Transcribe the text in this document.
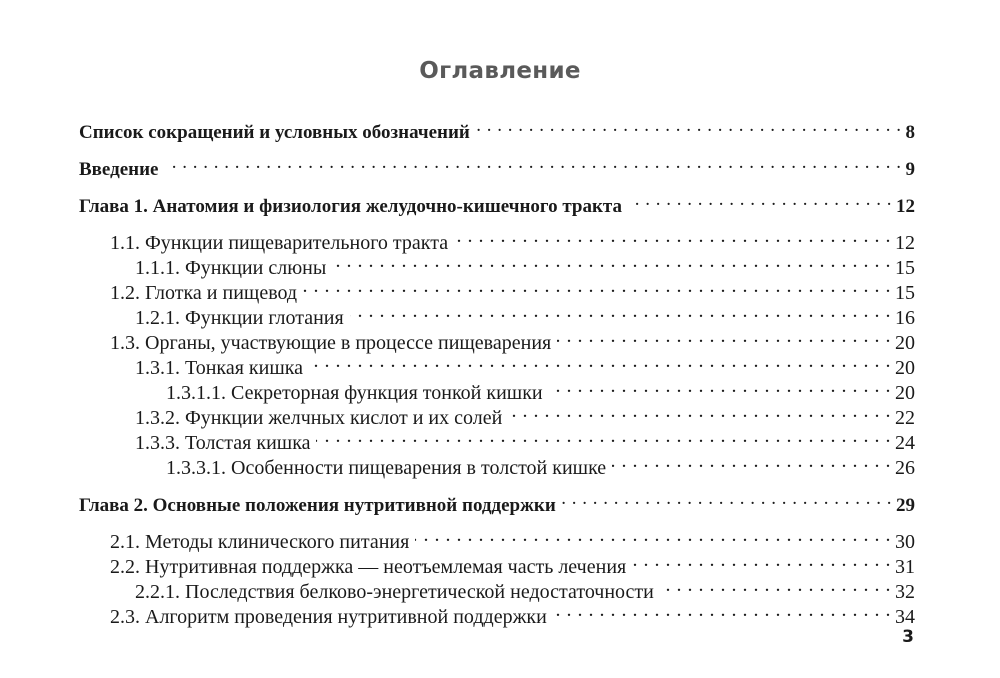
Оглавление
Список сокращений и условных обозначений . . .	8
Введение . . .	9
Глава 1. Анатомия и физиология желудочно-кишечного тракта . . .	12
1.1. Функции пищеварительного тракта . . .	12
1.1.1. Функции слюны . . .	15
1.2. Глотка и пищевод . . .	15
1.2.1. Функции глотания . . .	16
1.3. Органы, участвующие в процессе пищеварения . . .	20
1.3.1. Тонкая кишка . . .	20
1.3.1.1. Секреторная функция тонкой кишки . . .	20
1.3.2. Функции желчных кислот и их солей . . .	22
1.3.3. Толстая кишка . . .	24
1.3.3.1. Особенности пищеварения в толстой кишке . . .	26
Глава 2. Основные положения нутритивной поддержки . . .	29
2.1. Методы клинического питания . . .	30
2.2. Нутритивная поддержка — неотъемлемая часть лечения . . .	31
2.2.1. Последствия белково-энергетической недостаточности . . .	32
2.3. Алгоритм проведения нутритивной поддержки . . .	34
3
